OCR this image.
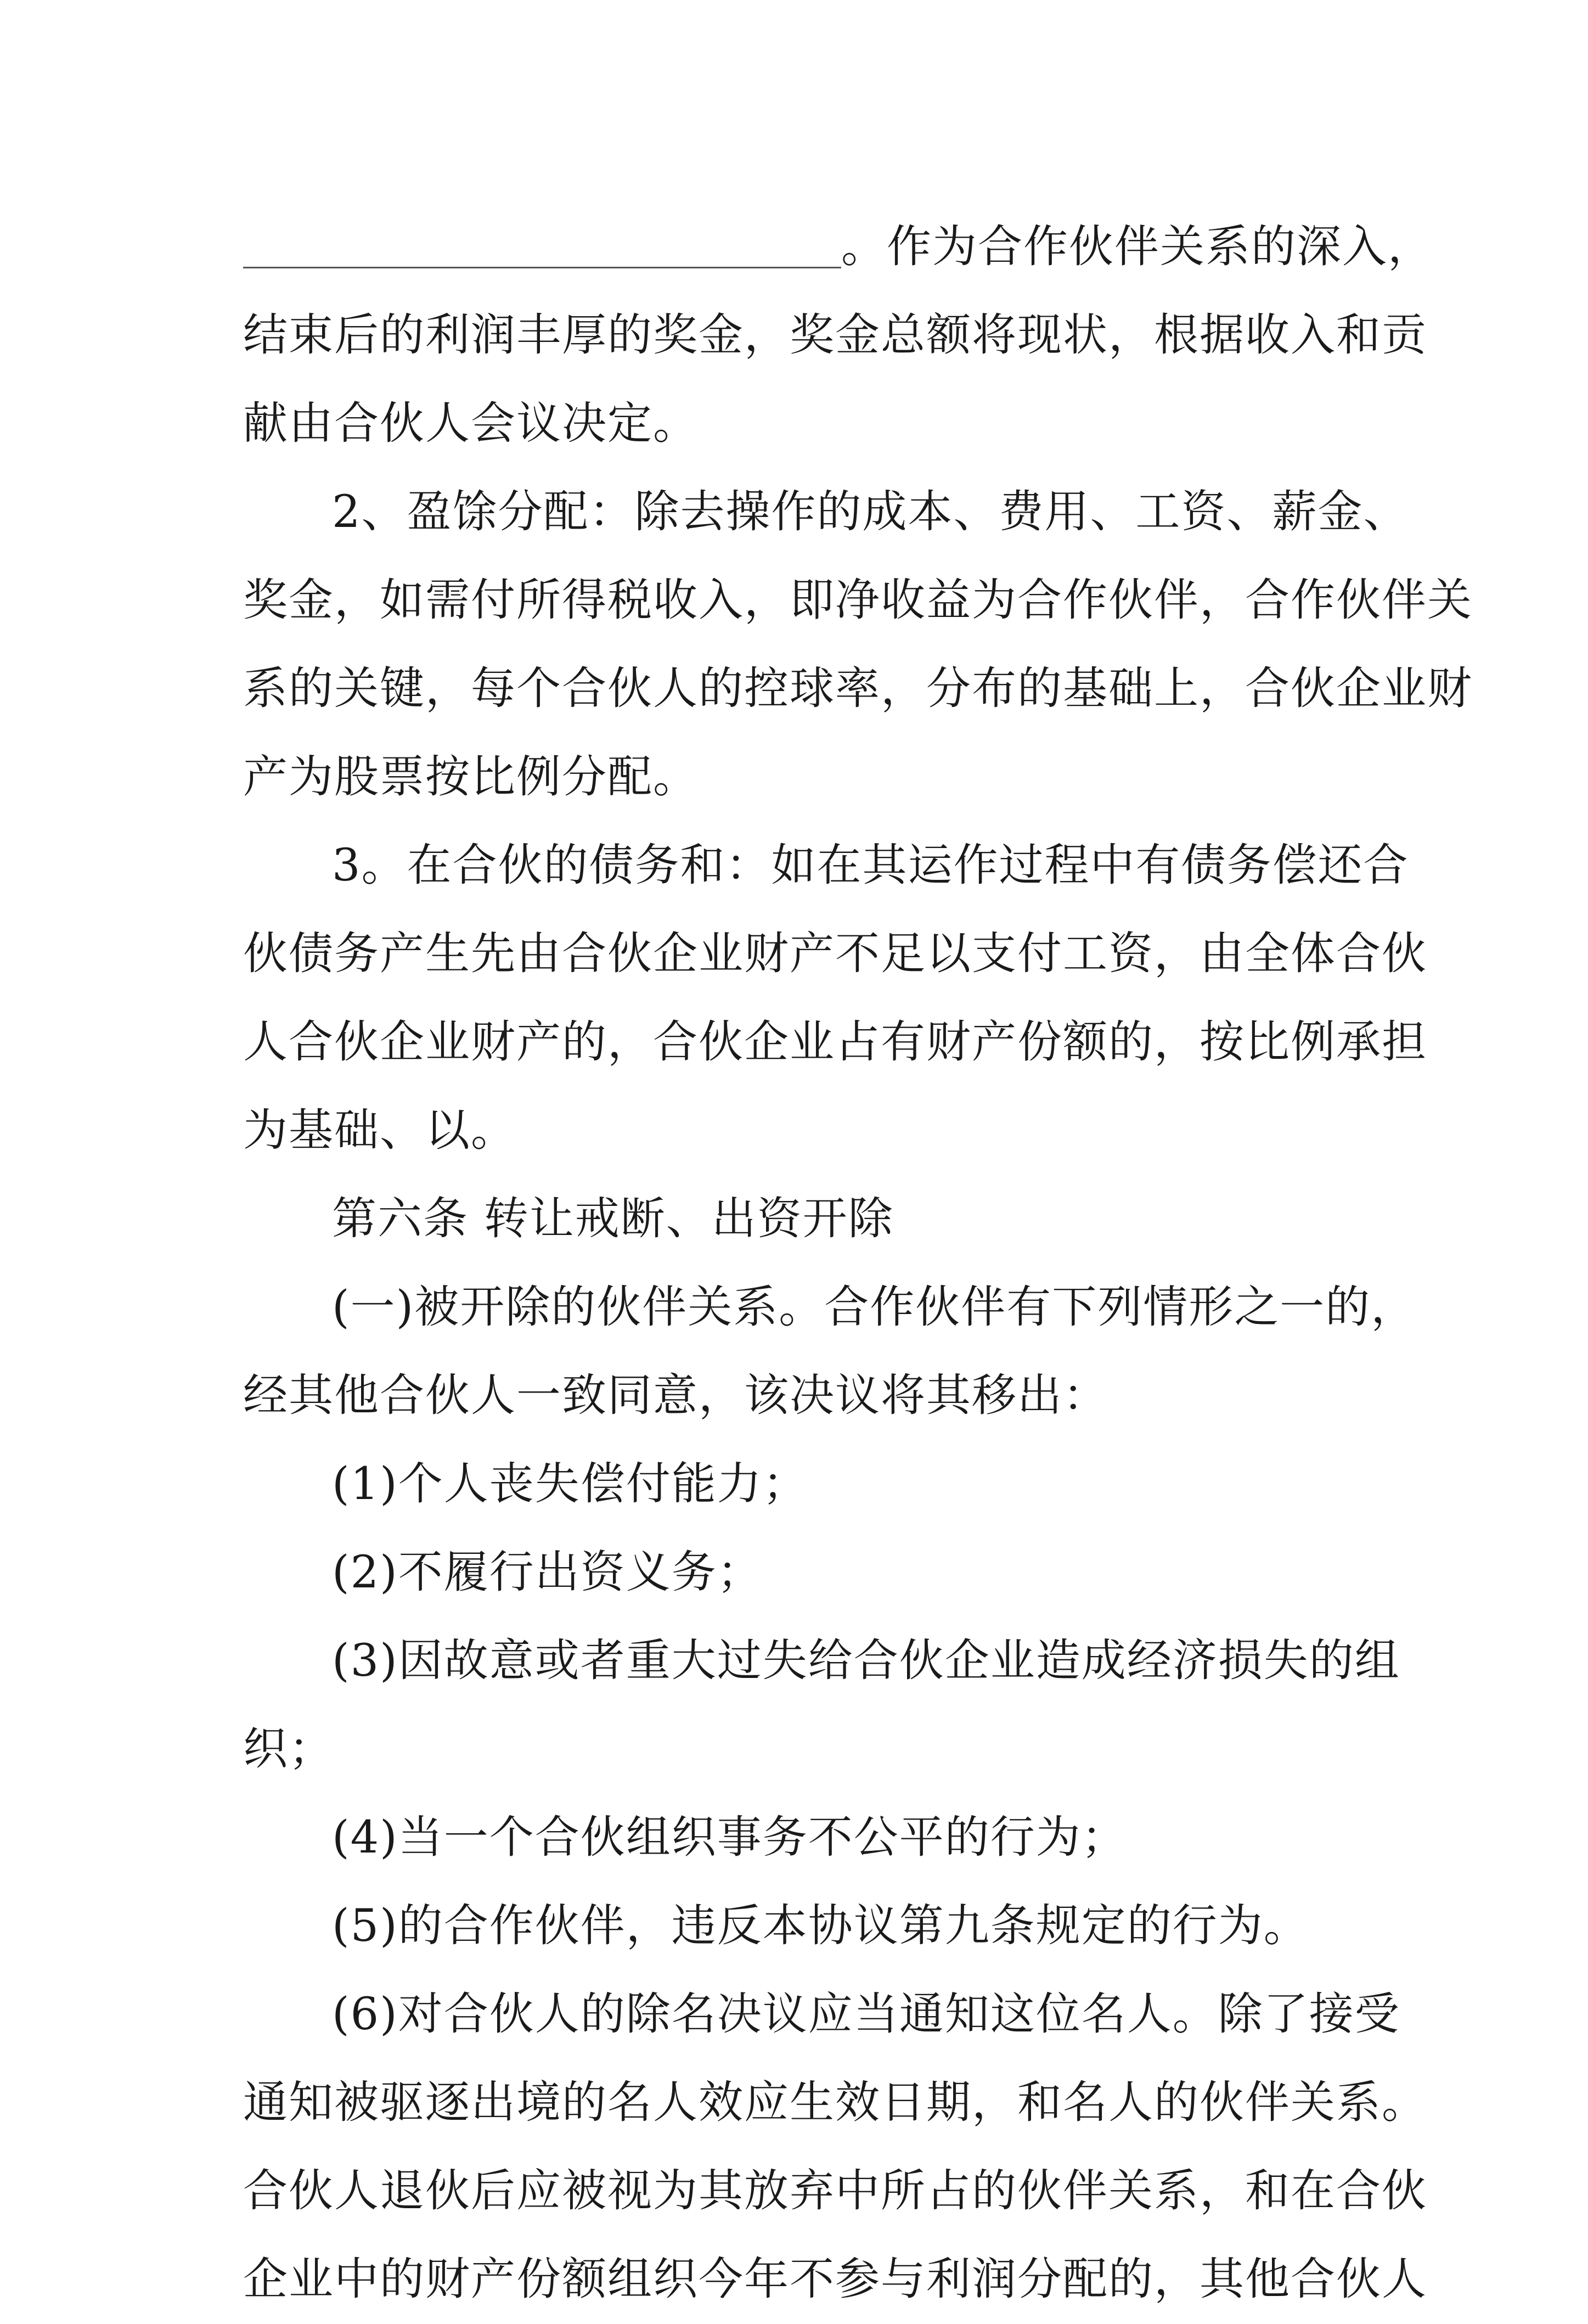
。作为合作伙伴关系的深入，
结束后的利润丰厚的奖金，奖金总额将现状，根据收入和贡
献由合伙人会议决定。
2、盈馀分配：除去操作的成本、费用、工资、薪金、
奖金，如需付所得税收入，即净收益为合作伙伴，合作伙伴关
系的关键，每个合伙人的控球率，分布的基础上，合伙企业财
产为股票按比例分配。
3。在合伙的债务和：如在其运作过程中有债务偿还合
伙债务产生先由合伙企业财产不足以支付工资，由全体合伙
人合伙企业财产的，合伙企业占有财产份额的，按比例承担
为基础、以。
第六条 转让戒断、出资开除
(一)被开除的伙伴关系。合作伙伴有下列情形之一的，
经其他合伙人一致同意，该决议将其移出：
(1)个人丧失偿付能力；
(2)不履行出资义务；
(3)因故意或者重大过失给合伙企业造成经济损失的组
织；
(4)当一个合伙组织事务不公平的行为；
(5)的合作伙伴，违反本协议第九条规定的行为。
(6)对合伙人的除名决议应当通知这位名人。除了接受
通知被驱逐出境的名人效应生效日期，和名人的伙伴关系。
合伙人退伙后应被视为其放弃中所占的伙伴关系，和在合伙
企业中的财产份额组织今年不参与利润分配的，其他合伙人
